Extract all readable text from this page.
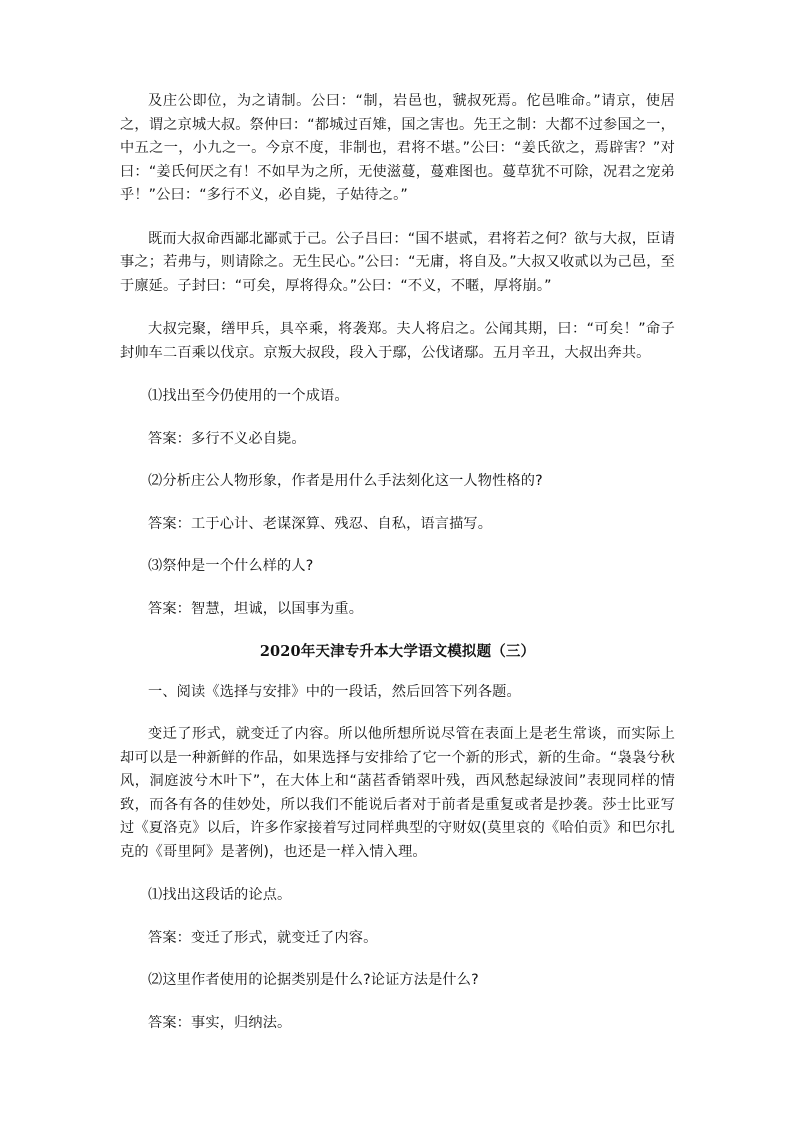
及庄公即位，为之请制。公曰：“制，岩邑也，虢叔死焉。佗邑唯命。”请京，使居之，谓之京城大叔。祭仲曰：“都城过百雉，国之害也。先王之制：大都不过参国之一，中五之一，小九之一。今京不度，非制也，君将不堪。”公曰：“姜氏欲之，焉辟害？”对曰：“姜氏何厌之有！不如早为之所，无使滋蔓，蔓难图也。蔓草犹不可除，况君之宠弟乎！”公曰：“多行不义，必自毙，子姑待之。”

既而大叔命西鄙北鄙贰于己。公子吕曰：“国不堪贰，君将若之何？欲与大叔，臣请事之；若弗与，则请除之。无生民心。”公曰：“无庸，将自及。”大叔又收贰以为己邑，至于廪延。子封曰：“可矣，厚将得众。”公曰：“不义，不暱，厚将崩。”

大叔完聚，缮甲兵，具卒乘，将袭郑。夫人将启之。公闻其期，曰：“可矣！”命子封帅车二百乘以伐京。京叛大叔段，段入于鄢，公伐诸鄢。五月辛丑，大叔出奔共。

⑴找出至今仍使用的一个成语。

答案：多行不义必自毙。

⑵分析庄公人物形象，作者是用什么手法刻化这一人物性格的?

答案：工于心计、老谋深算、残忍、自私，语言描写。

⑶祭仲是一个什么样的人?

答案：智慧，坦诚，以国事为重。

2020年天津专升本大学语文模拟题（三）

一、阅读《选择与安排》中的一段话，然后回答下列各题。

变迁了形式，就变迁了内容。所以他所想所说尽管在表面上是老生常谈，而实际上却可以是一种新鲜的作品，如果选择与安排给了它一个新的形式，新的生命。“袅袅兮秋风，洞庭波兮木叶下”，在大体上和“菡萏香销翠叶残，西风愁起绿波间”表现同样的情致，而各有各的佳妙处，所以我们不能说后者对于前者是重复或者是抄袭。莎士比亚写过《夏洛克》以后，许多作家接着写过同样典型的守财奴(莫里哀的《哈伯贡》和巴尔扎克的《哥里阿》是著例)，也还是一样入情入理。

⑴找出这段话的论点。

答案：变迁了形式，就变迁了内容。

⑵这里作者使用的论据类别是什么?论证方法是什么?

答案：事实，归纳法。
